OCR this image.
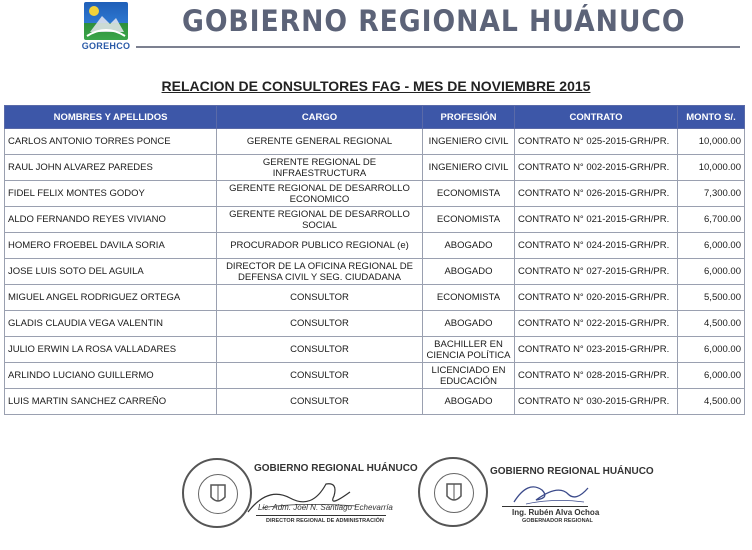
GOREHCO
GOBIERNO REGIONAL HUÁNUCO
RELACION DE CONSULTORES FAG - MES DE NOVIEMBRE 2015
NOMBRES Y APELLIDOS	CARGO	PROFESIÓN	CONTRATO	MONTO S/.
CARLOS ANTONIO TORRES PONCE	GERENTE GENERAL REGIONAL	INGENIERO CIVIL	CONTRATO N° 025-2015-GRH/PR.	10,000.00
RAUL JOHN ALVAREZ PAREDES	GERENTE REGIONAL DE INFRAESTRUCTURA	INGENIERO CIVIL	CONTRATO N° 002-2015-GRH/PR.	10,000.00
FIDEL FELIX MONTES GODOY	GERENTE REGIONAL DE DESARROLLO ECONOMICO	ECONOMISTA	CONTRATO N° 026-2015-GRH/PR.	7,300.00
ALDO FERNANDO REYES VIVIANO	GERENTE REGIONAL DE DESARROLLO SOCIAL	ECONOMISTA	CONTRATO N° 021-2015-GRH/PR.	6,700.00
HOMERO FROEBEL DAVILA SORIA	PROCURADOR PUBLICO REGIONAL (e)	ABOGADO	CONTRATO N° 024-2015-GRH/PR.	6,000.00
JOSE LUIS SOTO DEL AGUILA	DIRECTOR DE LA OFICINA REGIONAL DE DEFENSA CIVIL Y SEG. CIUDADANA	ABOGADO	CONTRATO N° 027-2015-GRH/PR.	6,000.00
MIGUEL ANGEL RODRIGUEZ ORTEGA	CONSULTOR	ECONOMISTA	CONTRATO N° 020-2015-GRH/PR.	5,500.00
GLADIS CLAUDIA VEGA VALENTIN	CONSULTOR	ABOGADO	CONTRATO N° 022-2015-GRH/PR.	4,500.00
JULIO ERWIN LA ROSA VALLADARES	CONSULTOR	BACHILLER EN CIENCIA POLÍTICA	CONTRATO N° 023-2015-GRH/PR.	6,000.00
ARLINDO LUCIANO GUILLERMO	CONSULTOR	LICENCIADO EN EDUCACIÓN	CONTRATO N° 028-2015-GRH/PR.	6,000.00
LUIS MARTIN SANCHEZ CARREÑO	CONSULTOR	ABOGADO	CONTRATO N° 030-2015-GRH/PR.	4,500.00
GOBIERNO REGIONAL HUÁNUCO
Lic. Adm. Joel N. Santiago Echevarría
DIRECTOR REGIONAL DE ADMINISTRACIÓN
GOBIERNO REGIONAL HUÁNUCO
Ing. Rubén Alva Ochoa
GOBERNADOR REGIONAL
